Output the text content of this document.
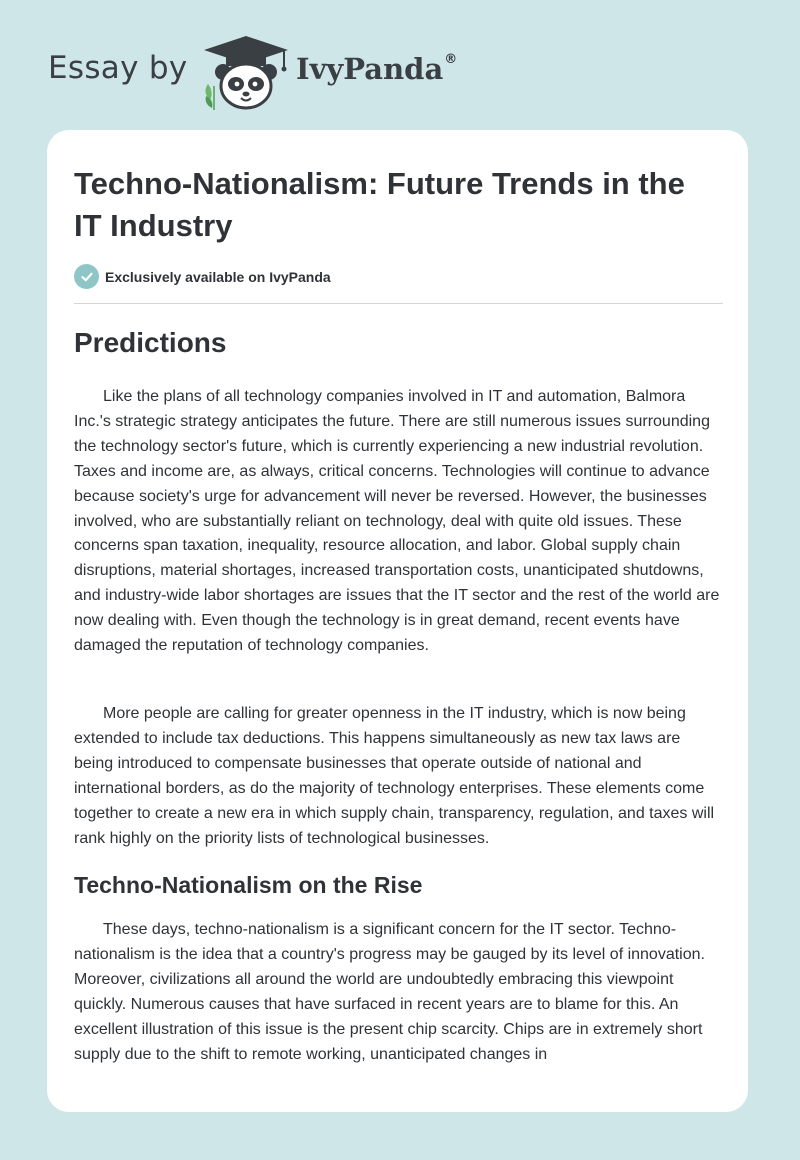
Essay by	IvyPanda®
Techno-Nationalism: Future Trends in the IT Industry
Exclusively available on IvyPanda
Predictions

Like the plans of all technology companies involved in IT and automation, Balmora Inc.'s strategic strategy anticipates the future. There are still numerous issues surrounding the technology sector's future, which is currently experiencing a new industrial revolution. Taxes and income are, as always, critical concerns. Technologies will continue to advance because society's urge for advancement will never be reversed. However, the businesses involved, who are substantially reliant on technology, deal with quite old issues. These concerns span taxation, inequality, resource allocation, and labor. Global supply chain disruptions, material shortages, increased transportation costs, unanticipated shutdowns, and industry-wide labor shortages are issues that the IT sector and the rest of the world are now dealing with. Even though the technology is in great demand, recent events have damaged the reputation of technology companies.

More people are calling for greater openness in the IT industry, which is now being extended to include tax deductions. This happens simultaneously as new tax laws are being introduced to compensate businesses that operate outside of national and international borders, as do the majority of technology enterprises. These elements come together to create a new era in which supply chain, transparency, regulation, and taxes will rank highly on the priority lists of technological businesses.

Techno-Nationalism on the Rise

These days, techno-nationalism is a significant concern for the IT sector. Techno-nationalism is the idea that a country's progress may be gauged by its level of innovation. Moreover, civilizations all around the world are undoubtedly embracing this viewpoint quickly. Numerous causes that have surfaced in recent years are to blame for this. An excellent illustration of this issue is the present chip scarcity. Chips are in extremely short supply due to the shift to remote working, unanticipated changes in
